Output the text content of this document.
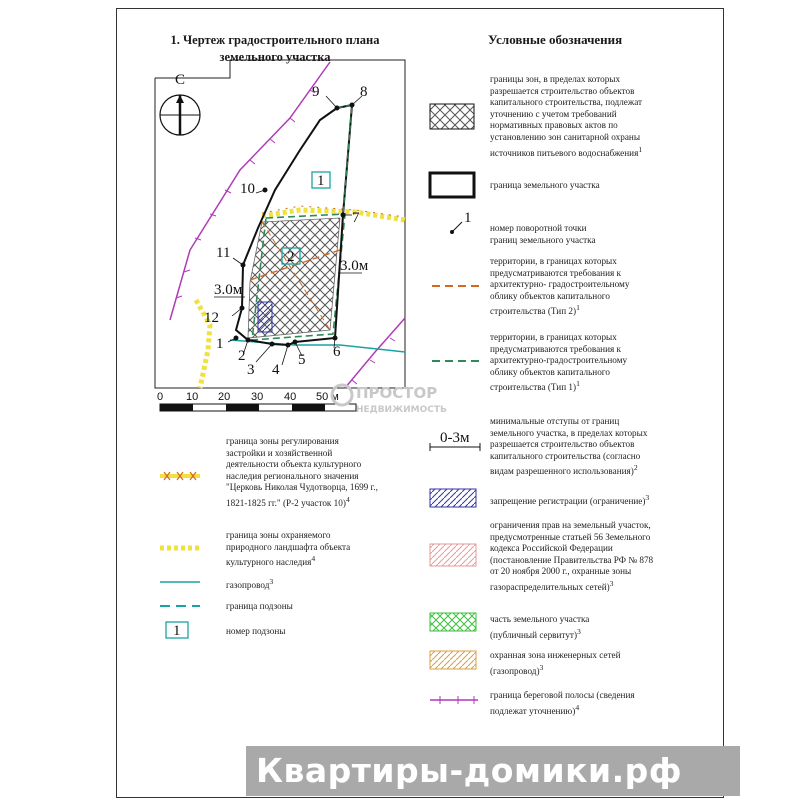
1. Чертеж градостроительного плана
земельного участка
Условные обозначения
С
1
2
3.0м
3.0м
1
2
3 4
5 6
7
8
9
10
11
12
0 10 20 30 40 50 м ПРОСТОР
НЕДВИЖИМОСТЬ
1
0-3м
1
границы зон, в пределах которых
разрешается строительство объектов
капитального строительства, подлежат
уточнению с учетом требований
нормативных правовых актов по
установлению зон санитарной охраны
источников питьевого водоснабжения$^1$
граница земельного участка
номер поворотной точки
границ земельного участка
территории, в границах которых
предусматриваются требования к
архитектурно- градостроительному
облику объектов капитального
строительства (Тип 2)$^1$
территории, в границах которых
предусматриваются требования к
архитектурно-градостроительному
облику объектов капитального
строительства (Тип 1)$^1$
минимальные отступы от границ
земельного участка, в пределах которых
разрешается строительство объектов
капитального строительства (согласно
видам разрешенного использования)$^2$
запрещение регистрации (ограничение)$^3$
ограничения прав на земельный участок,
предусмотренные статьей 56 Земельного
кодекса Российской Федерации
(постановление Правительства РФ № 878
от 20 ноября 2000 г., охранные зоны
газораспределительных сетей)$^3$
часть земельного участка
(публичный сервитут)$^3$
охранная зона инженерных сетей
(газопровод)$^3$
граница береговой полосы (сведения
подлежат уточнению)$^4$
граница зоны регулирования
застройки и хозяйственной
деятельности объекта культурного
наследия регионального значения
"Церковь Николая Чудотворца, 1699 г.,
1821-1825 гг." (Р-2 участок 10)$^4$
граница зоны охраняемого
природного ландшафта объекта
культурного наследия$^4$
газопровод$^3$
граница подзоны
номер подзоны
Квартиры-домики.рф
